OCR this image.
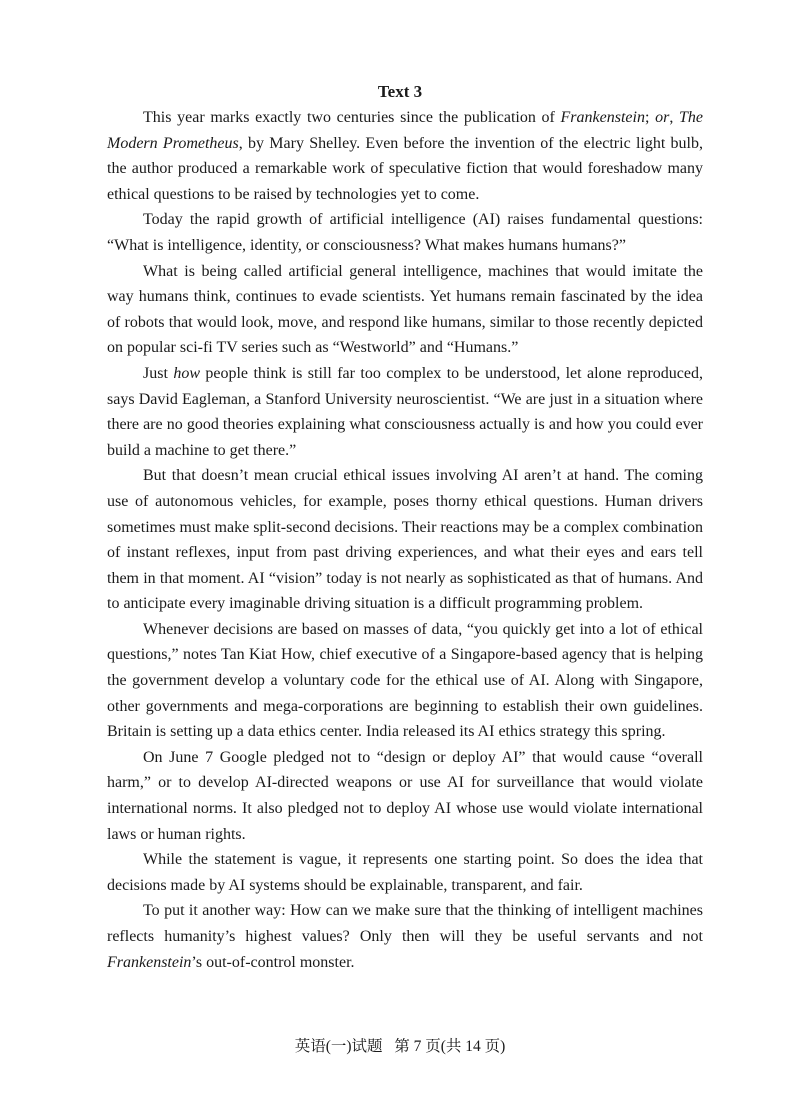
Text 3

This year marks exactly two centuries since the publication of Frankenstein; or, The Modern Prometheus, by Mary Shelley. Even before the invention of the electric light bulb, the author produced a remarkable work of speculative fiction that would foreshadow many ethical questions to be raised by technologies yet to come.

Today the rapid growth of artificial intelligence (AI) raises fundamental questions: “What is intelligence, identity, or consciousness? What makes humans humans?”

What is being called artificial general intelligence, machines that would imitate the way humans think, continues to evade scientists. Yet humans remain fascinated by the idea of robots that would look, move, and respond like humans, similar to those recently depicted on popular sci-fi TV series such as “Westworld” and “Humans.”

Just how people think is still far too complex to be understood, let alone reproduced, says David Eagleman, a Stanford University neuroscientist. “We are just in a situation where there are no good theories explaining what consciousness actually is and how you could ever build a machine to get there.”

But that doesn’t mean crucial ethical issues involving AI aren’t at hand. The coming use of autonomous vehicles, for example, poses thorny ethical questions. Human drivers sometimes must make split-second decisions. Their reactions may be a complex combination of instant reflexes, input from past driving experiences, and what their eyes and ears tell them in that moment. AI “vision” today is not nearly as sophisticated as that of humans. And to anticipate every imaginable driving situation is a difficult programming problem.

Whenever decisions are based on masses of data, “you quickly get into a lot of ethical questions,” notes Tan Kiat How, chief executive of a Singapore-based agency that is helping the government develop a voluntary code for the ethical use of AI. Along with Singapore, other governments and mega-corporations are beginning to establish their own guidelines. Britain is setting up a data ethics center. India released its AI ethics strategy this spring.

On June 7 Google pledged not to “design or deploy AI” that would cause “overall harm,” or to develop AI-directed weapons or use AI for surveillance that would violate international norms. It also pledged not to deploy AI whose use would violate international laws or human rights.

While the statement is vague, it represents one starting point. So does the idea that decisions made by AI systems should be explainable, transparent, and fair.

To put it another way: How can we make sure that the thinking of intelligent machines reflects humanity’s highest values? Only then will they be useful servants and not Frankenstein’s out-of-control monster.

英语(一)试题 第 7 页(共 14 页)
